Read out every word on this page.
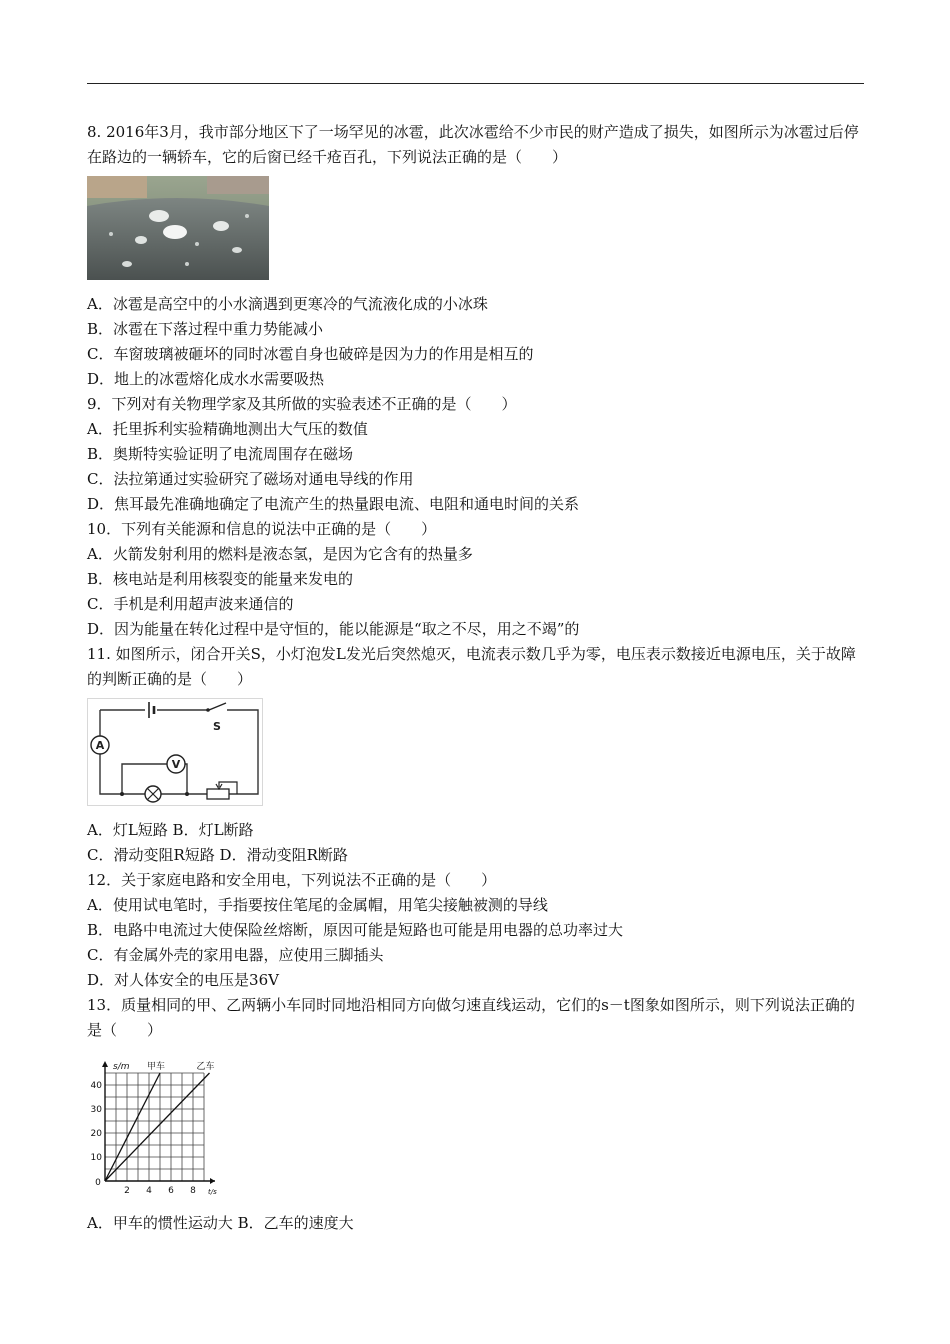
8. 2016年3月，我市部分地区下了一场罕见的冰雹，此次冰雹给不少市民的财产造成了损失，如图所示为冰雹过后停在路边的一辆轿车，它的后窗已经千疮百孔，下列说法正确的是（　　）
A．冰雹是高空中的小水滴遇到更寒冷的气流液化成的小冰珠
B．冰雹在下落过程中重力势能减小
C．车窗玻璃被砸坏的同时冰雹自身也破碎是因为力的作用是相互的
D．地上的冰雹熔化成水水需要吸热
9．下列对有关物理学家及其所做的实验表述不正确的是（　　）
A．托里拆利实验精确地测出大气压的数值
B．奥斯特实验证明了电流周围存在磁场
C．法拉第通过实验研究了磁场对通电导线的作用
D．焦耳最先准确地确定了电流产生的热量跟电流、电阻和通电时间的关系
10．下列有关能源和信息的说法中正确的是（　　）
A．火箭发射利用的燃料是液态氢，是因为它含有的热量多
B．核电站是利用核裂变的能量来发电的
C．手机是利用超声波来通信的
D．因为能量在转化过程中是守恒的，能以能源是“取之不尽，用之不竭”的
11. 如图所示，闭合开关S，小灯泡发L发光后突然熄灭，电流表示数几乎为零，电压表示数接近电源电压，关于故障的判断正确的是（　　）
S
A
V
A．灯L短路 B．灯L断路
C．滑动变阻R短路 D．滑动变阻R断路
12．关于家庭电路和安全用电，下列说法不正确的是（　　）
A．使用试电笔时，手指要按住笔尾的金属帽，用笔尖接触被测的导线
B．电路中电流过大使保险丝熔断，原因可能是短路也可能是用电器的总功率过大
C．有金属外壳的家用电器，应使用三脚插头
D．对人体安全的电压是36V
13．质量相同的甲、乙两辆小车同时同地沿相同方向做匀速直线运动，它们的s－t图象如图所示，则下列说法正确的是（　　）
甲车	乙车
t/s
s/m
0
2 4 6 8
10
20
30
40
A．甲车的惯性运动大 B．乙车的速度大
